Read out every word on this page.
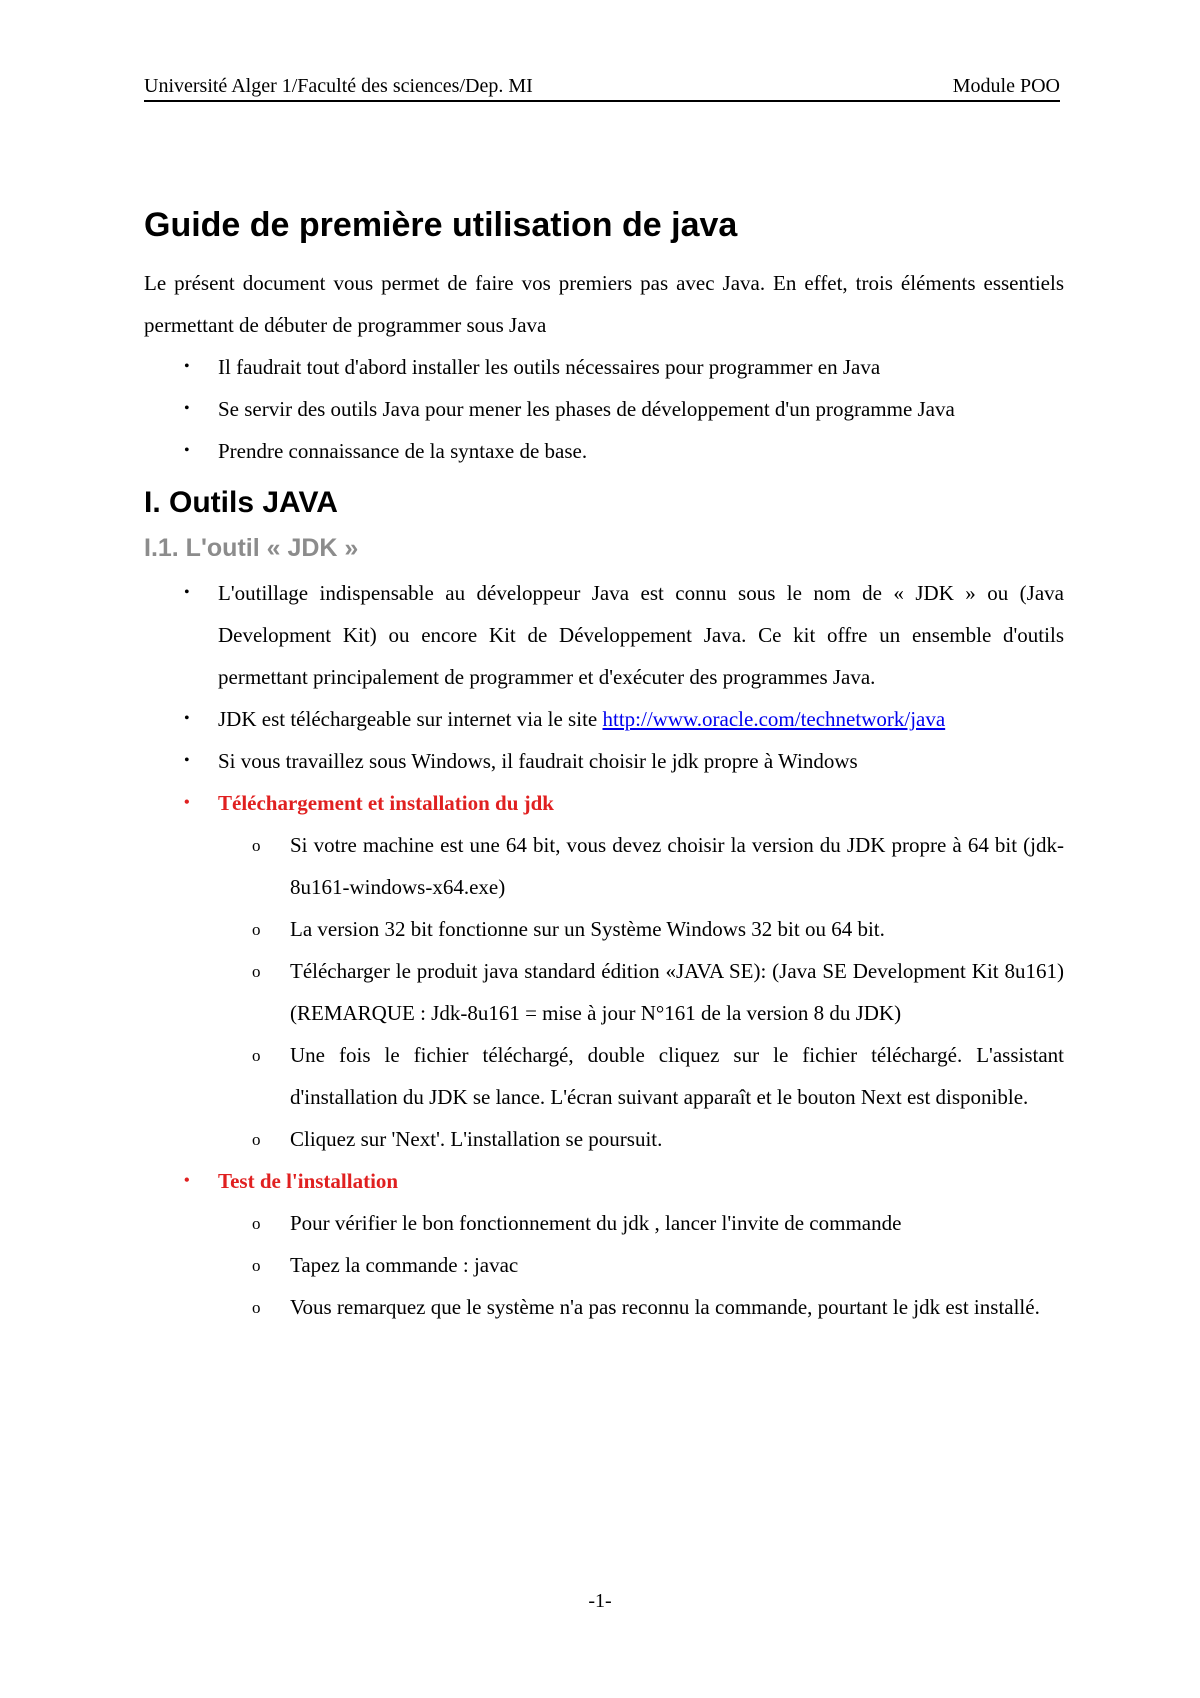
Université Alger 1/Faculté des sciences/Dep. MI	Module POO
Guide de première utilisation de java

Le présent document vous permet de faire vos premiers pas avec Java. En effet, trois éléments essentiels permettant de débuter de programmer sous Java

• Il faudrait tout d'abord installer les outils nécessaires pour programmer en Java
• Se servir des outils Java pour mener les phases de développement d'un programme Java
• Prendre connaissance de la syntaxe de base.
I. Outils JAVA
I.1. L'outil « JDK »
• L'outillage indispensable au développeur Java est connu sous le nom de « JDK » ou (Java Development Kit) ou encore Kit de Développement Java. Ce kit offre un ensemble d'outils permettant principalement de programmer et d'exécuter des programmes Java.
• JDK est téléchargeable sur internet via le site http://www.oracle.com/technetwork/java
• Si vous travaillez sous Windows, il faudrait choisir le jdk propre à Windows
• Téléchargement et installation du jdk
o Si votre machine est une 64 bit, vous devez choisir la version du JDK propre à 64 bit (jdk-8u161-windows-x64.exe)
o La version 32 bit fonctionne sur un Système Windows 32 bit ou 64 bit.
o Télécharger le produit java standard édition «JAVA SE): (Java SE Development Kit 8u161) (REMARQUE : Jdk-8u161 = mise à jour N°161 de la version 8 du JDK)
o Une fois le fichier téléchargé, double cliquez sur le fichier téléchargé. L'assistant d'installation du JDK se lance. L'écran suivant apparaît et le bouton Next est disponible.
o Cliquez sur 'Next'. L'installation se poursuit.
• Test de l'installation
o Pour vérifier le bon fonctionnement du jdk , lancer l'invite de commande
o Tapez la commande : javac
o Vous remarquez que le système n'a pas reconnu la commande, pourtant le jdk est installé.
-1-
